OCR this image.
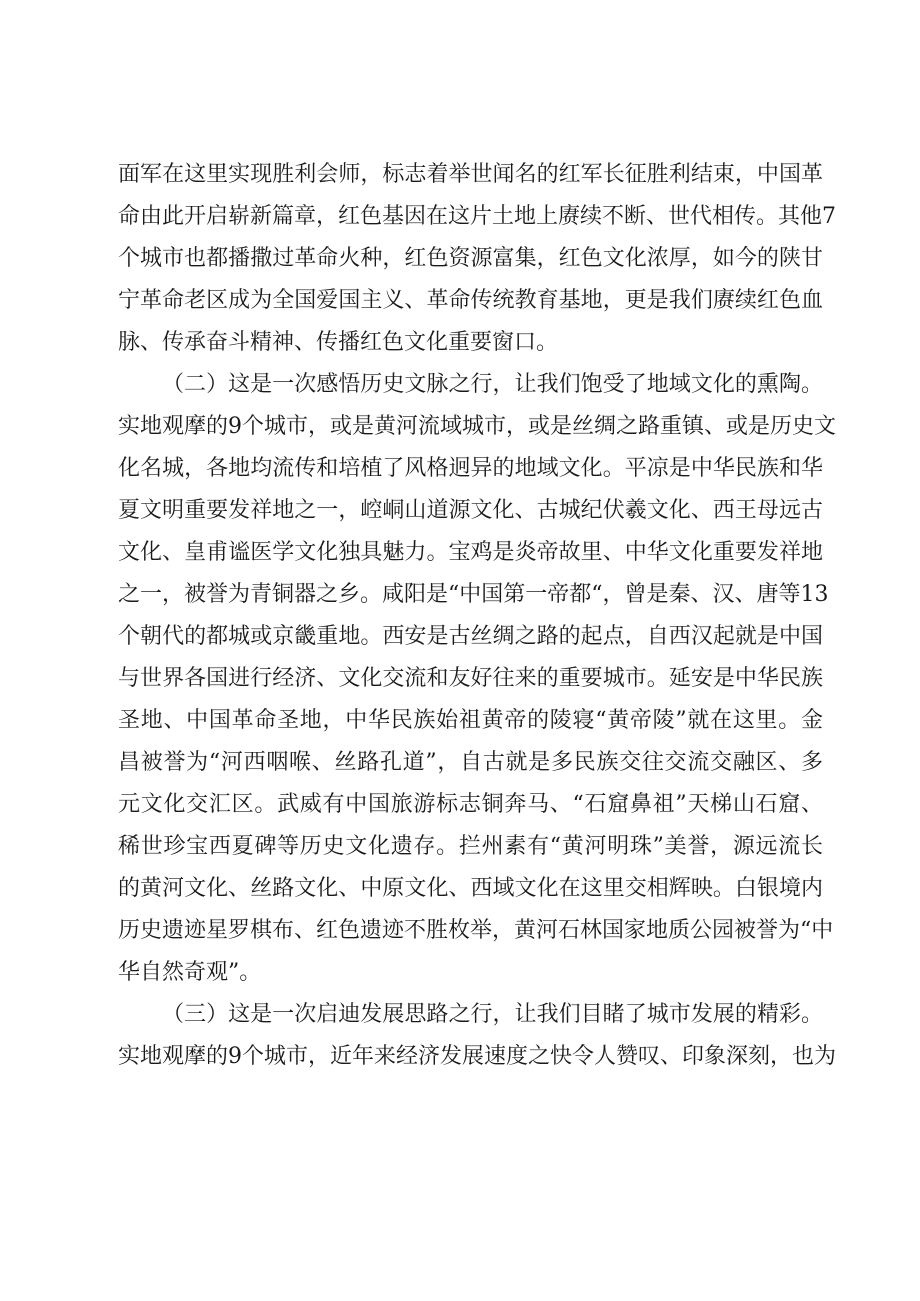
面军在这里实现胜利会师，标志着举世闻名的红军长征胜利结束，中国革
命由此开启崭新篇章，红色基因在这片土地上赓续不断、世代相传。其他7
个城市也都播撒过革命火种，红色资源富集，红色文化浓厚，如今的陕甘
宁革命老区成为全国爱国主义、革命传统教育基地，更是我们赓续红色血
脉、传承奋斗精神、传播红色文化重要窗口。
（二）这是一次感悟历史文脉之行，让我们饱受了地域文化的熏陶。
实地观摩的9个城市，或是黄河流域城市，或是丝绸之路重镇、或是历史文
化名城，各地均流传和培植了风格迥异的地域文化。平凉是中华民族和华
夏文明重要发祥地之一，崆峒山道源文化、古城纪伏羲文化、西王母远古
文化、皇甫谧医学文化独具魅力。宝鸡是炎帝故里、中华文化重要发祥地
之一，被誉为青铜器之乡。咸阳是“中国第一帝都“，曾是秦、汉、唐等13
个朝代的都城或京畿重地。西安是古丝绸之路的起点，自西汉起就是中国
与世界各国进行经济、文化交流和友好往来的重要城市。延安是中华民族
圣地、中国革命圣地，中华民族始祖黄帝的陵寝“黄帝陵”就在这里。金
昌被誉为“河西咽喉、丝路孔道”，自古就是多民族交往交流交融区、多
元文化交汇区。武威有中国旅游标志铜奔马、“石窟鼻祖”天梯山石窟、
稀世珍宝西夏碑等历史文化遗存。拦州素有“黄河明珠”美誉，源远流长
的黄河文化、丝路文化、中原文化、西域文化在这里交相辉映。白银境内
历史遗迹星罗棋布、红色遗迹不胜枚举，黄河石林国家地质公园被誉为“中
华自然奇观”。
（三）这是一次启迪发展思路之行，让我们目睹了城市发展的精彩。
实地观摩的9个城市，近年来经济发展速度之快令人赞叹、印象深刻，也为
